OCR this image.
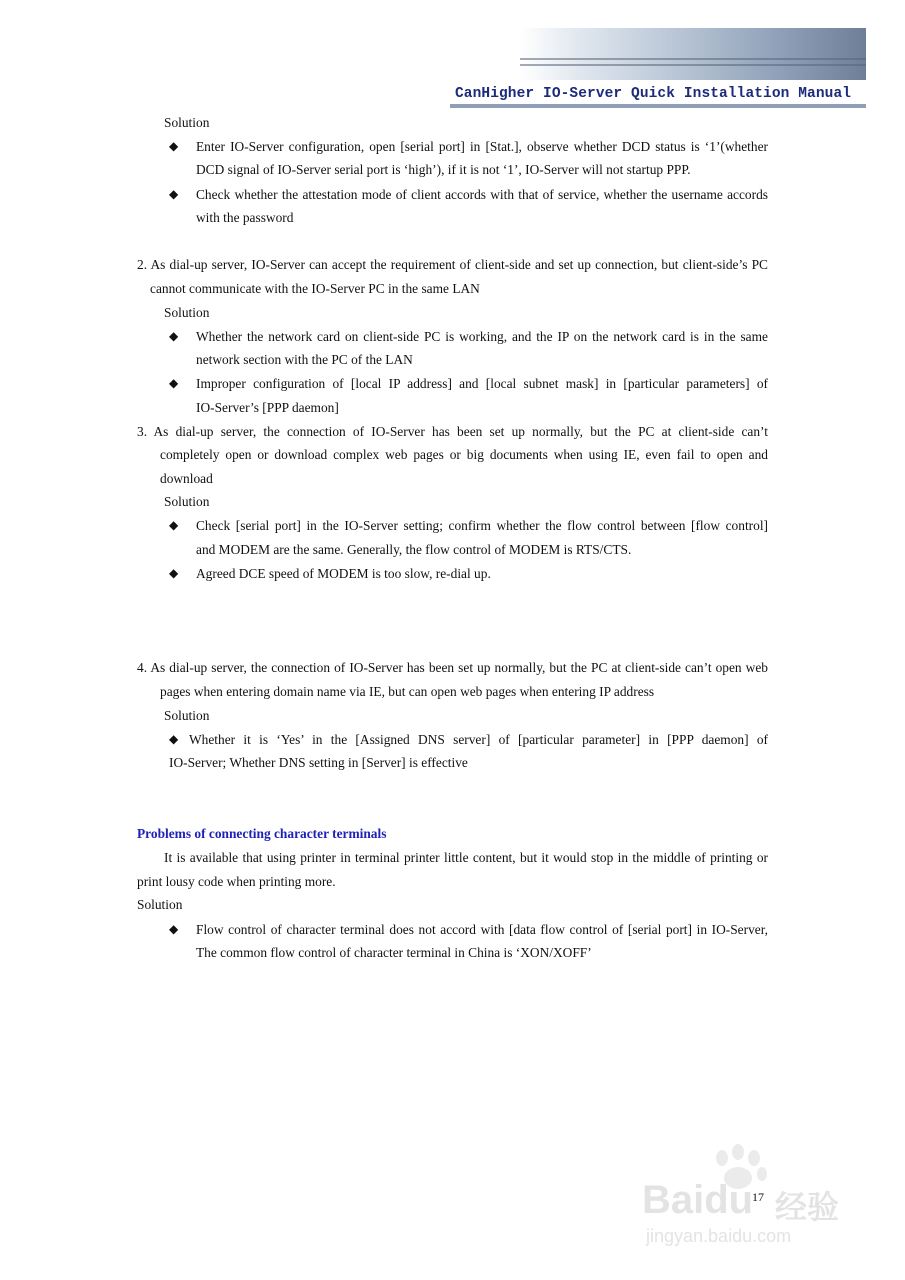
CanHigher IO-Server Quick Installation Manual
Solution
◆ Enter IO-Server configuration, open [serial port] in [Stat.], observe whether DCD status is ‘1’(whether
DCD signal of IO-Server serial port is ‘high’), if it is not ‘1’, IO-Server will not startup PPP.
◆ Check whether the attestation mode of client accords with that of service, whether the username accords
with the password
2. As dial-up server, IO-Server can accept the requirement of client-side and set up connection, but client-side’s PC
cannot communicate with the IO-Server PC in the same LAN
Solution
◆ Whether the network card on client-side PC is working, and the IP on the network card is in the same
network section with the PC of the LAN
◆ Improper configuration of [local IP address] and [local subnet mask] in [particular parameters] of
IO-Server’s [PPP daemon]
3. As dial-up server, the connection of IO-Server has been set up normally, but the PC at client-side can’t
completely open or download complex web pages or big documents when using IE, even fail to open and
download
Solution
◆ Check [serial port] in the IO-Server setting; confirm whether the flow control between [flow control]
and MODEM are the same. Generally, the flow control of MODEM is RTS/CTS.
◆ Agreed DCE speed of MODEM is too slow, re-dial up.
4. As dial-up server, the connection of IO-Server has been set up normally, but the PC at client-side can’t open web
pages when entering domain name via IE, but can open web pages when entering IP address
Solution
◆ Whether it is ‘Yes’ in the [Assigned DNS server] of [particular parameter] in [PPP daemon] of
IO-Server; Whether DNS setting in [Server] is effective
Problems of connecting character terminals
It is available that using printer in terminal printer little content, but it would stop in the middle of printing or
print lousy code when printing more.
Solution
◆ Flow control of character terminal does not accord with [data flow control of [serial port] in IO-Server,
The common flow control of character terminal in China is ‘XON/XOFF’
17
Baidu 经验
jingyan.baidu.com
